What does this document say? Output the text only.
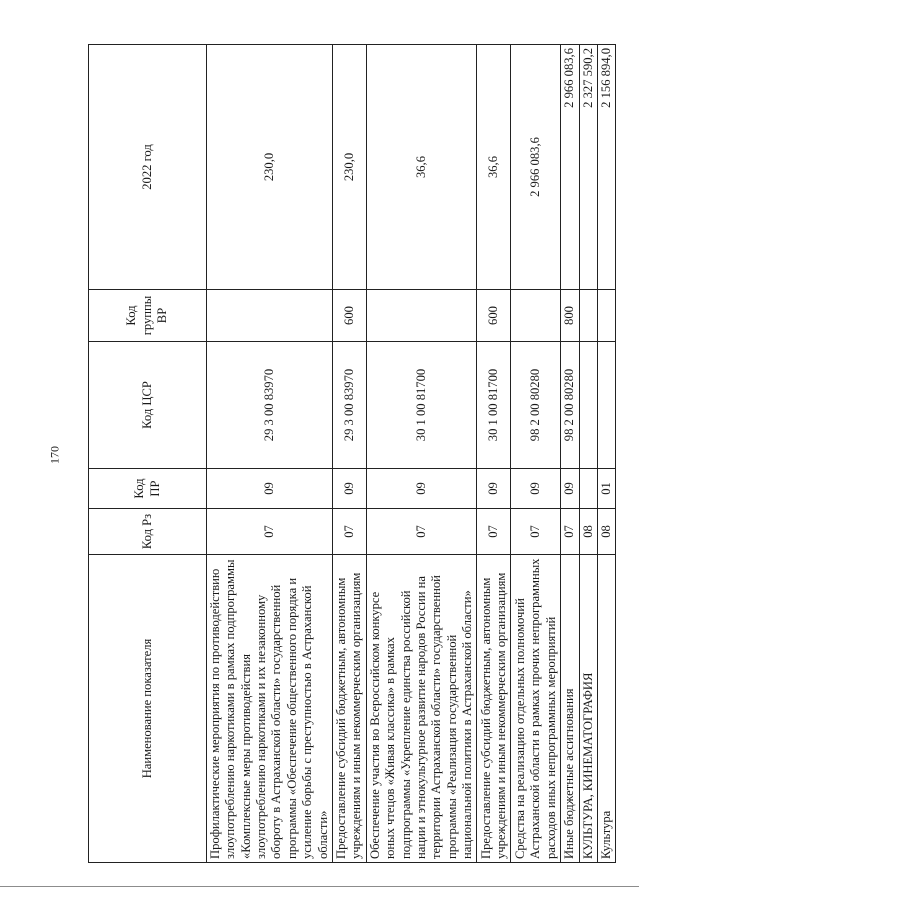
170
Наименование показателя	Код Рз	Код ПР	Код ЦСР	Код группы ВР	2022 год
Профилактические мероприятия по противодействию злоупотреблению наркотиками в рамках подпрограммы «Комплексные меры противодействия злоупотреблению наркотиками и их незаконному обороту в Астраханской области» государственной программы «Обеспечение общественного порядка и усиление борьбы с преступностью в Астраханской области»	07	09	29 3 00 83970		230,0
Предоставление субсидий бюджетным, автономным учреждениям и иным некоммерческим организациям	07	09	29 3 00 83970	600	230,0
Обеспечение участия во Всероссийском конкурсе юных чтецов «Живая классика» в рамках подпрограммы «Укрепление единства российской нации и этнокультурное развитие народов России на территории Астраханской области» государственной программы «Реализация государственной национальной политики в Астраханской области»	07	09	30 1 00 81700		36,6
Предоставление субсидий бюджетным, автономным учреждениям и иным некоммерческим организациям	07	09	30 1 00 81700	600	36,6
Средства на реализацию отдельных полномочий Астраханской области в рамках прочих непрограммных расходов иных непрограммных мероприятий	07	09	98 2 00 80280		2 966 083,6
Иные бюджетные ассигнования	07	09	98 2 00 80280	800	2 966 083,6
КУЛЬТУРА, КИНЕМАТОГРАФИЯ	08				2 327 590,2
Культура	08	01			2 156 894,0
